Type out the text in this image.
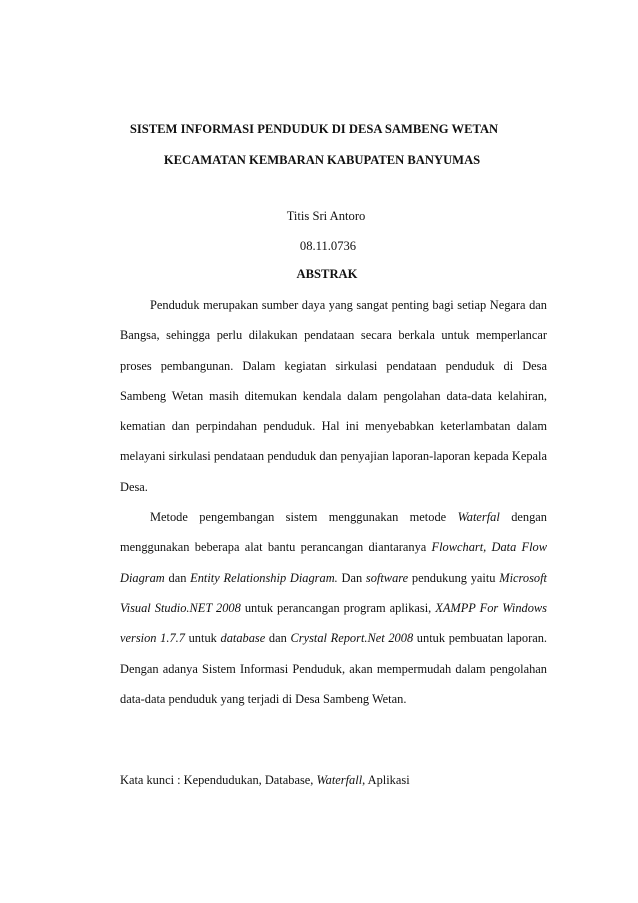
SISTEM INFORMASI PENDUDUK DI DESA SAMBENG WETAN
KECAMATAN KEMBARAN KABUPATEN BANYUMAS
Titis Sri Antoro
08.11.0736
ABSTRAK

Penduduk merupakan sumber daya yang sangat penting bagi setiap Negara dan Bangsa, sehingga perlu dilakukan pendataan secara berkala untuk memperlancar proses pembangunan. Dalam kegiatan sirkulasi pendataan penduduk di Desa Sambeng Wetan masih ditemukan kendala dalam pengolahan data-data kelahiran, kematian dan perpindahan penduduk. Hal ini menyebabkan keterlambatan dalam melayani sirkulasi pendataan penduduk dan penyajian laporan-laporan kepada Kepala Desa.

Metode pengembangan sistem menggunakan metode Waterfal dengan menggunakan beberapa alat bantu perancangan diantaranya Flowchart, Data Flow Diagram dan Entity Relationship Diagram. Dan software pendukung yaitu Microsoft Visual Studio.NET 2008 untuk perancangan program aplikasi, XAMPP For Windows version 1.7.7 untuk database dan Crystal Report.Net 2008 untuk pembuatan laporan. Dengan adanya Sistem Informasi Penduduk, akan mempermudah dalam pengolahan data-data penduduk yang terjadi di Desa Sambeng Wetan.

Kata kunci : Kependudukan, Database, Waterfall, Aplikasi
